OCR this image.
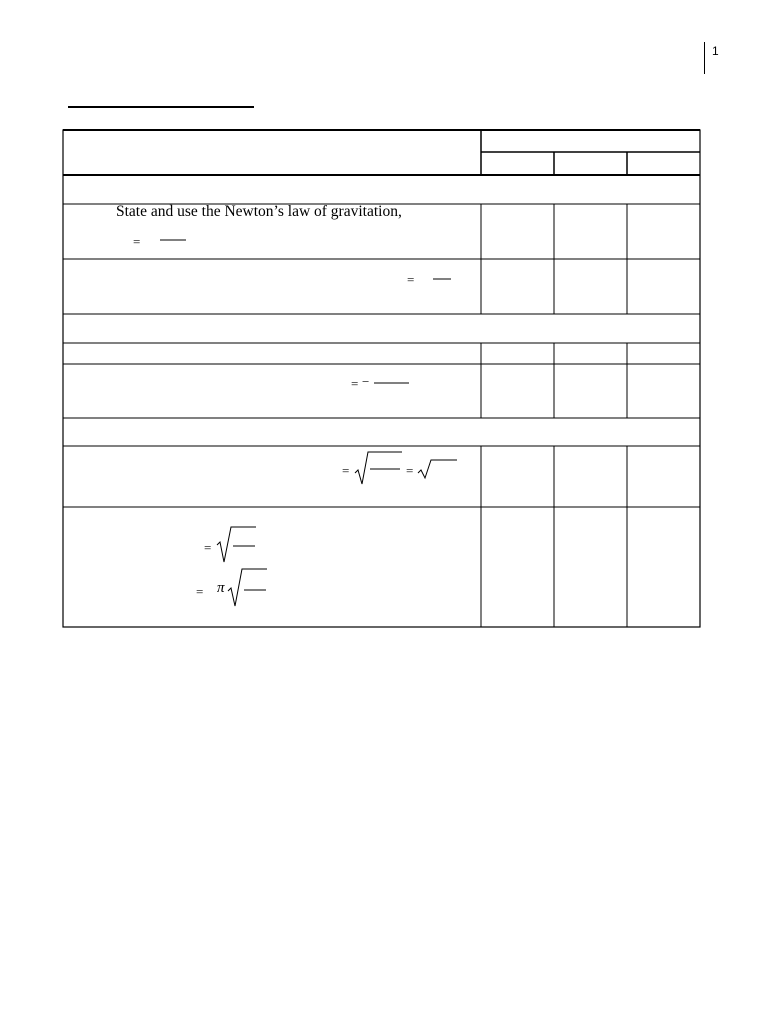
1
State and use the Newton’s law of gravitation,
=
=
= −
=	=
=
= π
